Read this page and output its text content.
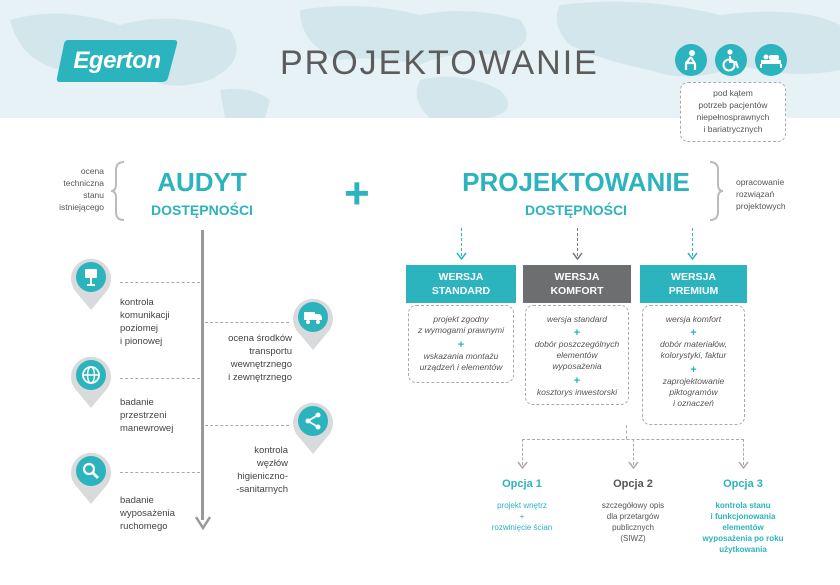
Egerton	PROJEKTOWANIE
pod kątem
potrzeb pacjentów
niepełnosprawnych
i bariatrycznych
ocena
techniczna
stanu
istniejącego
AUDYT
DOSTĘPNOŚCI	+
kontrola
komunikacji
poziomej
i pionowej	ocena środków
transportu
wewnętrznego
i zewnętrznego
badanie
przestrzeni
manewrowej
kontrola
węzłów
higieniczno-
-sanitarnych
badanie
wyposażenia
ruchomego
PROJEKTOWANIE
DOSTĘPNOŚCI
opracowanie
rozwiązań
projektowych
WERSJA
STANDARD
WERSJA
KOMFORT
WERSJA
PREMIUM
projekt zgodny
z wymogami prawnymi
+
wskazania montażu
urządzeń i elementów
wersja standard
+
dobór poszczególnych
elementów
wyposażenia
+
kosztorys inwestorski
wersja komfort
+
dobór materiałów,
kolorystyki, faktur
+
zaprojektowanie
piktogramów
i oznaczeń
Opcja 1
projekt wnętrz
+
rozwinięcie ścian
Opcja 2
szczegółowy opis
dla przetargów
publicznych
(SIWZ)
Opcja 3
kontrola stanu
i funkcjonowania
elementów
wyposażenia po roku
użytkowania
